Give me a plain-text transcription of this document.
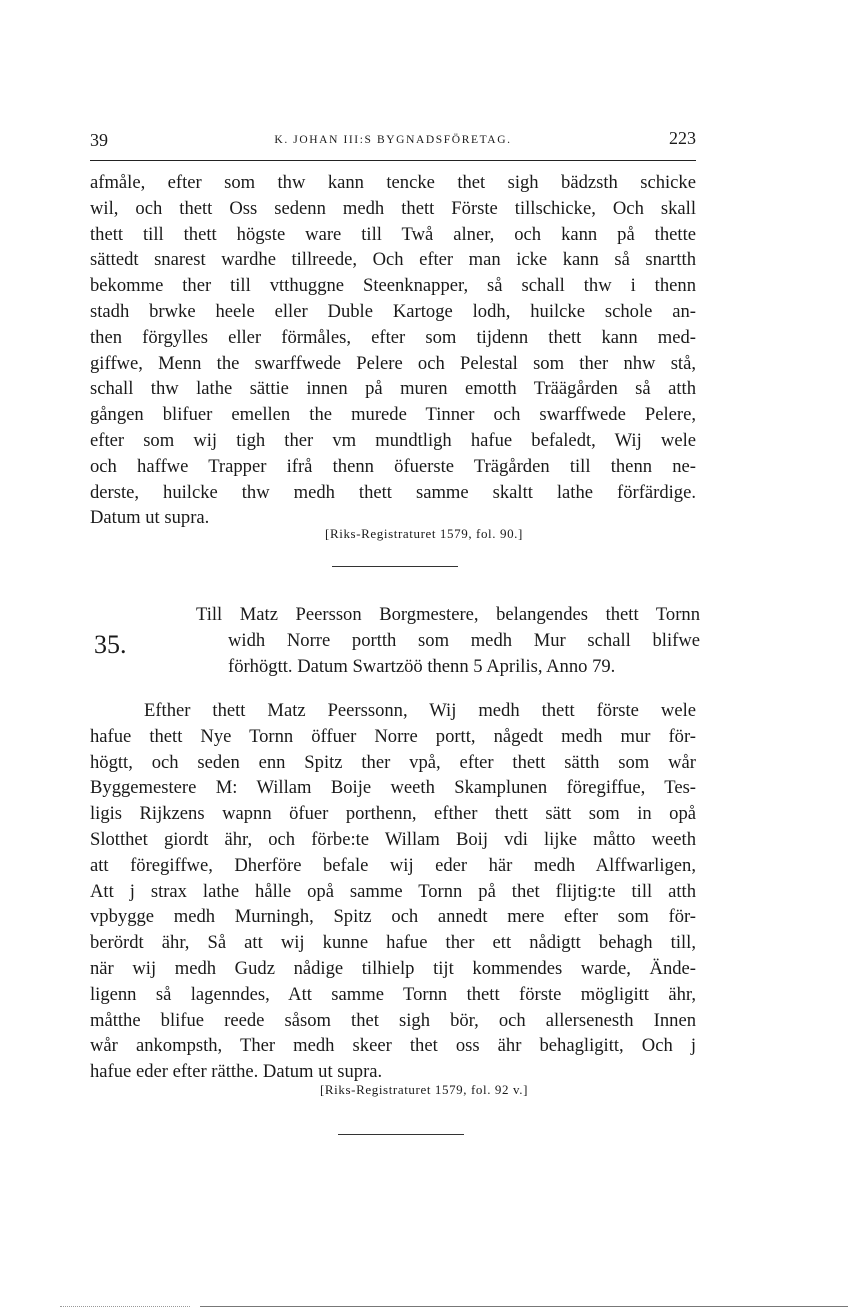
39	K. JOHAN III:S BYGNADSFÖRETAG.	223

afmåle, efter som thw kann tencke thet sigh bädzsth schicke
wil, och thett Oss sedenn medh thett Förste tillschicke, Och skall
thett till thett högste ware till Twå alner, och kann på thette
sättedt snarest wardhe tillreede, Och efter man icke kann så snartth
bekomme ther till vtthuggne Steenknapper, så schall thw i thenn
stadh brwke heele eller Duble Kartoge lodh, huilcke schole an-
then förgylles eller förmåles, efter som tijdenn thett kann med-
giffwe, Menn the swarffwede Pelere och Pelestal som ther nhw stå,
schall thw lathe sättie innen på muren emotth Träägården så atth
gången blifuer emellen the murede Tinner och swarffwede Pelere,
efter som wij tigh ther vm mundtligh hafue befaledt, Wij wele
och haffwe Trapper ifrå thenn öfuerste Trägården till thenn ne-
derste, huilcke thw medh thett samme skaltt lathe förfärdige.
Datum ut supra.

[Riks-Registraturet 1579, fol. 90.]
35.
Till Matz Peersson Borgmestere, belangendes thett Tornn
widh Norre portth som medh Mur schall blifwe
förhögtt. Datum Swartzöö thenn 5 Aprilis, Anno 79.

Efther thett Matz Peerssonn, Wij medh thett förste wele
hafue thett Nye Tornn öffuer Norre portt, någedt medh mur för-
högtt, och seden enn Spitz ther vpå, efter thett sätth som wår
Byggemestere M: Willam Boije weeth Skamplunen föregiffue, Tes-
ligis Rijkzens wapnn öfuer porthenn, efther thett sätt som in opå
Slotthet giordt ähr, och förbe:te Willam Boij vdi lijke måtto weeth
att föregiffwe, Dherföre befale wij eder här medh Alffwarligen,
Att j strax lathe hålle opå samme Tornn på thet flijtig:te till atth
vpbygge medh Murningh, Spitz och annedt mere efter som för-
berördt ähr, Så att wij kunne hafue ther ett nådigtt behagh till,
när wij medh Gudz nådige tilhielp tijt kommendes warde, Ände-
ligenn så lagenndes, Att samme Tornn thett förste mögligitt ähr,
måtthe blifue reede såsom thet sigh bör, och allersenesth Innen
wår ankompsth, Ther medh skeer thet oss ähr behagligitt, Och j
hafue eder efter rätthe. Datum ut supra.

[Riks-Registraturet 1579, fol. 92 v.]
